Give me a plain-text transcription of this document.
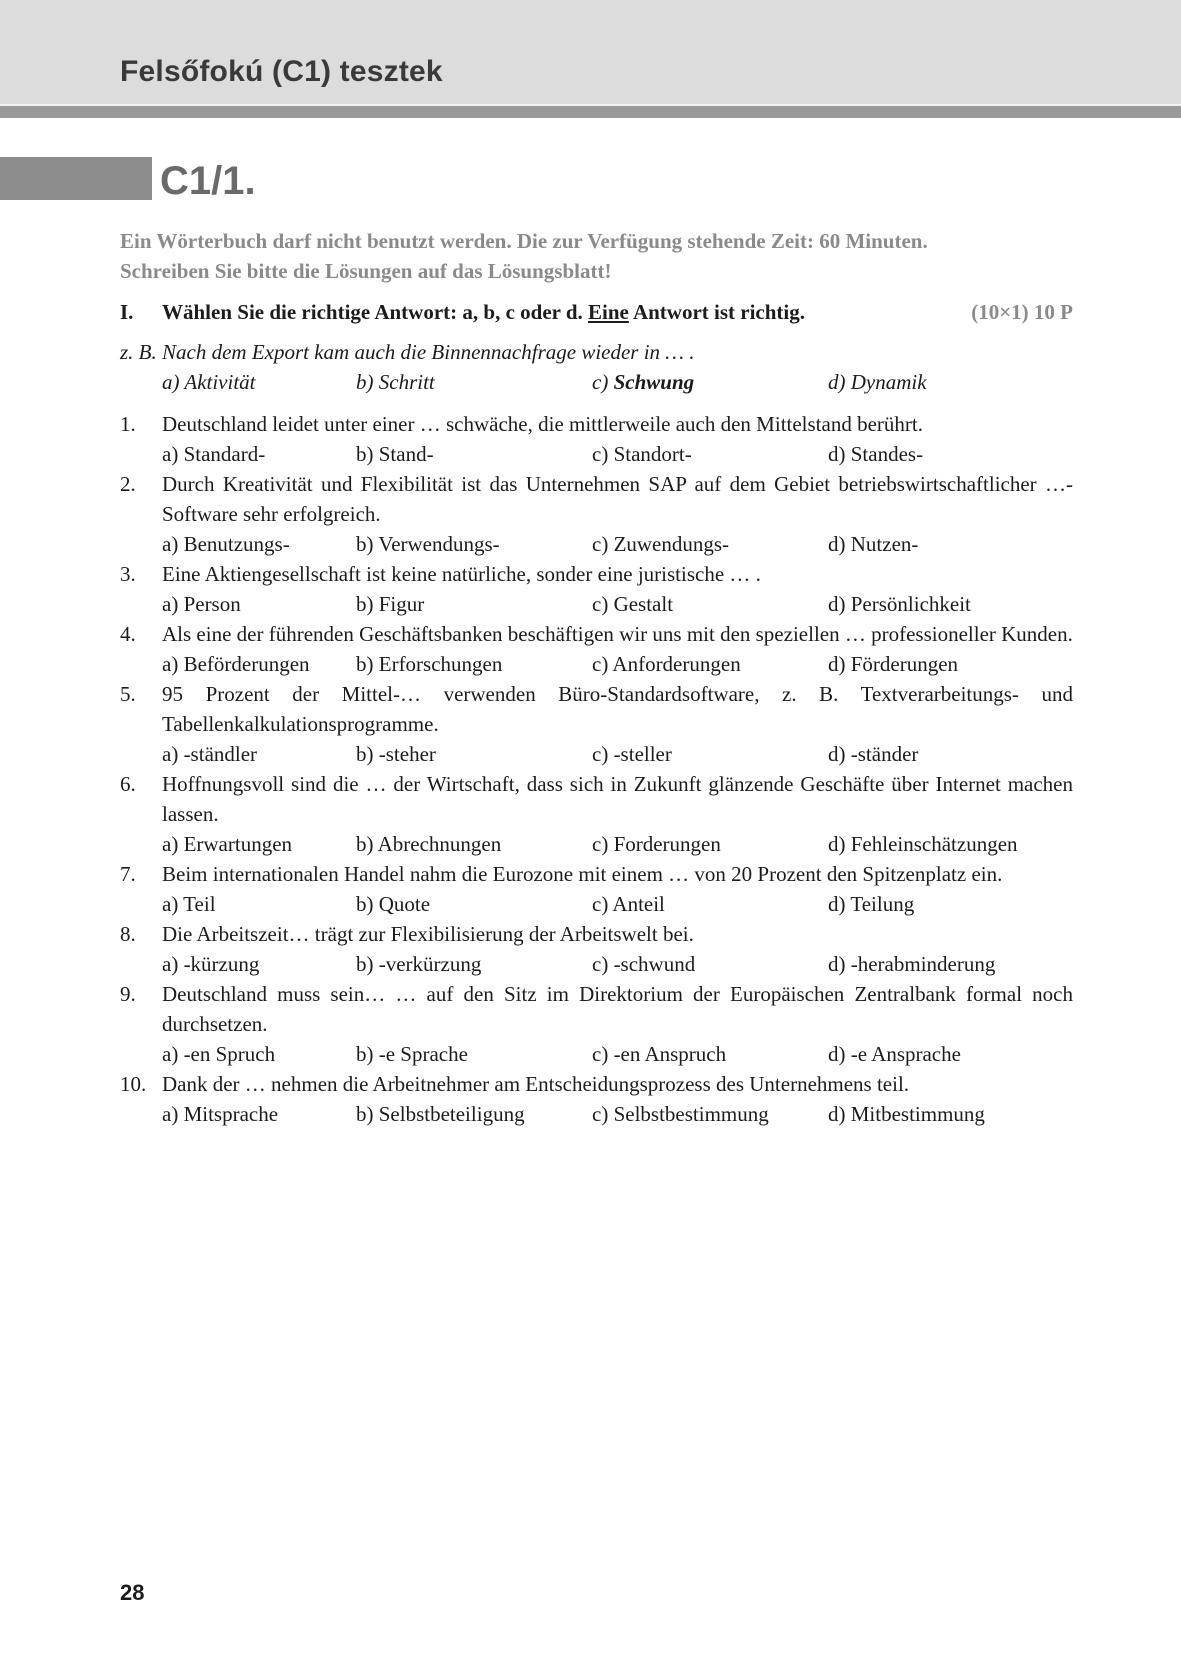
Felsőfokú (C1) tesztek
C1/1.
Ein Wörterbuch darf nicht benutzt werden. Die zur Verfügung stehende Zeit: 60 Minuten.
Schreiben Sie bitte die Lösungen auf das Lösungsblatt!
I. Wählen Sie die richtige Antwort: a, b, c oder d. Eine Antwort ist richtig.	(10×1) 10 P
z. B. Nach dem Export kam auch die Binnennachfrage wieder in … .
a) Aktivität	b) Schritt	c) Schwung	d) Dynamik
1. Deutschland leidet unter einer … schwäche, die mittlerweile auch den Mittelstand berührt.
a) Standard-	b) Stand-	c) Standort-	d) Standes-
2. Durch Kreativität und Flexibilität ist das Unternehmen SAP auf dem Gebiet betriebswirtschaftlicher …-Software sehr erfolgreich.
a) Benutzungs-	b) Verwendungs-	c) Zuwendungs-	d) Nutzen-
3. Eine Aktiengesellschaft ist keine natürliche, sonder eine juristische … .
a) Person	b) Figur	c) Gestalt	d) Persönlichkeit
4. Als eine der führenden Geschäftsbanken beschäftigen wir uns mit den speziellen … professioneller Kunden.
a) Beförderungen b) Erforschungen	c) Anforderungen	d) Förderungen
5. 95 Prozent der Mittel-… verwenden Büro-Standardsoftware, z. B. Textverarbeitungs- und Tabellenkalkulationsprogramme.
a) -ständler	b) -steher	c) -steller	d) -ständer
6. Hoffnungsvoll sind die … der Wirtschaft, dass sich in Zukunft glänzende Geschäfte über Internet machen lassen.
a) Erwartungen	b) Abrechnungen	c) Forderungen	d) Fehleinschätzungen
7. Beim internationalen Handel nahm die Eurozone mit einem … von 20 Prozent den Spitzenplatz ein.
a) Teil	b) Quote	c) Anteil	d) Teilung
8. Die Arbeitszeit… trägt zur Flexibilisierung der Arbeitswelt bei.
a) -kürzung	b) -verkürzung	c) -schwund	d) -herabminderung
9. Deutschland muss sein… … auf den Sitz im Direktorium der Europäischen Zentralbank formal noch durchsetzen.
a) -en Spruch	b) -e Sprache	c) -en Anspruch	d) -e Ansprache
10. Dank der … nehmen die Arbeitnehmer am Entscheidungsprozess des Unternehmens teil.
a) Mitsprache	b) Selbstbeteiligung	c) Selbstbestimmung	d) Mitbestimmung
28
